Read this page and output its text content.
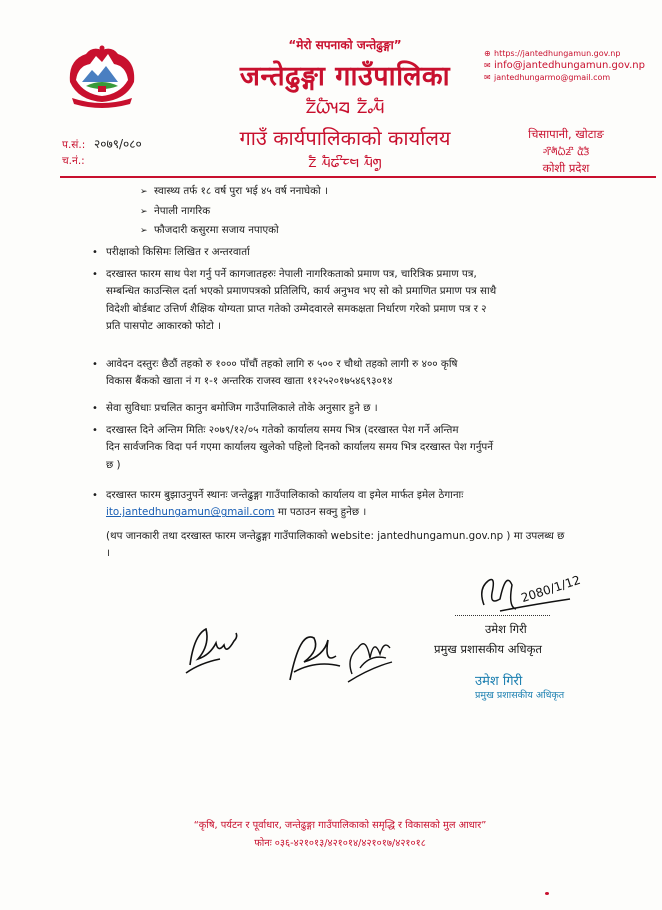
“मेरो सपनाको जन्तेढुङ्गा”
जन्तेढुङ्गा गाउँपालिका
ᤁᤠᤐᤠᤵᤔ ᤁᤠᤱᤘᤠ
गाउँ कार्यपालिकाको कार्यालय
ᤁᤠ ᤘᤠᤒᤡᤰᤗ ᤘᤠᤛᤢ
⊕ https://jantedhungamun.gov.np
✉ info@jantedhungamun.gov.np
✉ jantedhungarmo@gmail.com
प.सं.: २०७९/०८०
च.नं.:
चिसापानी, खोटाङ
ᤆᤡᤛᤠᤐᤠᤏᤡ ᤂᤠᤋᤠ
कोशी प्रदेश
➢ स्वास्थ्य तर्फ १८ वर्ष पुरा भई ४५ वर्ष ननाघेको ।
➢ नेपाली नागरिक
➢ फौजदारी कसुरमा सजाय नपाएको
• परीक्षाको किसिमः लिखित र अन्तरवार्ता
• दरखास्त फारम साथ पेश गर्नु पर्ने कागजातहरुः नेपाली नागरिकताको प्रमाण पत्र, चारित्रिक प्रमाण पत्र,
सम्बन्धित काउन्सिल दर्ता भएको प्रमाणपत्रको प्रतिलिपि, कार्य अनुभव भए सो को प्रमाणित प्रमाण पत्र साथै
विदेशी बोर्डबाट उत्तिर्ण शैक्षिक योग्यता प्राप्त गतेको उम्मेदवारले समकक्षता निर्धारण गरेको प्रमाण पत्र र २
प्रति पासपोट आकारको फोटो ।
• आवेदन दस्तुरः छैठौं तहको रु १००० पाँचौं तहको लागि रु ५०० र चौथो तहको लागी रु ४०० कृषि
विकास बैंकको खाता नं ग १-१ अन्तरिक राजस्व खाता ११२५२०१७५४६९३०१४
• सेवा सुविधाः प्रचलित कानुन बमोजिम गाउँपालिकाले तोके अनुसार हुने छ ।
• दरखास्त दिने अन्तिम मितिः २०७९/१२/०५ गतेको कार्यालय समय भित्र (दरखास्त पेश गर्ने अन्तिम
दिन सार्वजनिक विदा पर्न गएमा कार्यालय खुलेको पहिलो दिनको कार्यालय समय भित्र दरखास्त पेश गर्नुपर्ने
छ )
• दरखास्त फारम बुझाउनुपर्ने स्थानः जन्तेढुङ्गा गाउँपालिकाको कार्यालय वा इमेल मार्फत इमेल ठेगानाः
ito.jantedhungamun@gmail.com मा पठाउन सक्नु हुनेछ ।
(थप जानकारी तथा दरखास्त फारम जन्तेढुङ्गा गाउँपालिकाको website: jantedhungamun.gov.np ) मा उपलब्ध छ
।
2080/1/12
उमेश गिरी
प्रमुख प्रशासकीय अधिकृत
उमेश गिरी
प्रमुख प्रशासकीय अधिकृत
“कृषि, पर्यटन र पूर्वाधार, जन्तेढुङ्गा गाउँपालिकाको समृद्धि र विकासको मुल आधार”
फोनः ०३६-४२१०१३/४२१०१४/४२१०१७/४२१०१८
